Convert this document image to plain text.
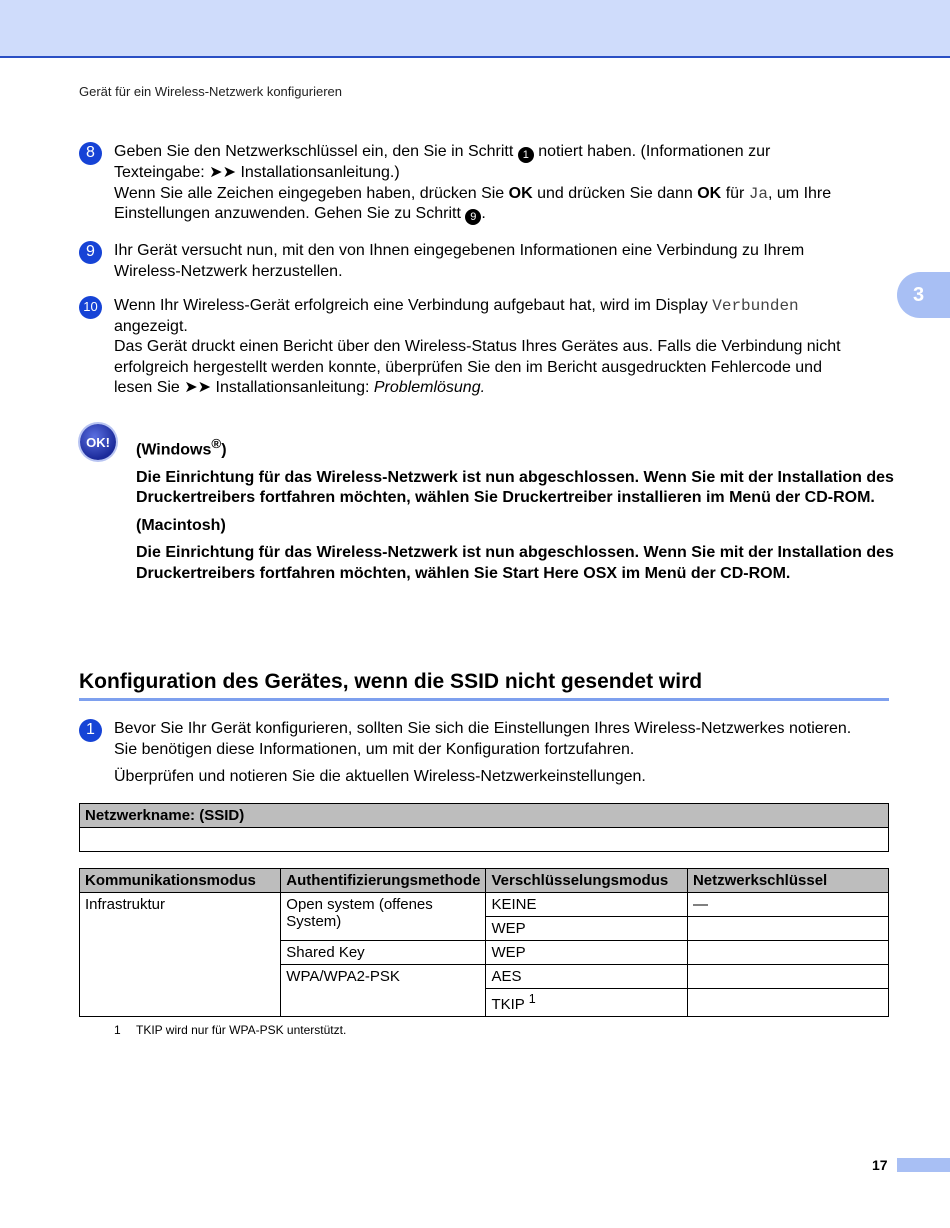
Gerät für ein Wireless-Netzwerk konfigurieren
3
8	Geben Sie den Netzwerkschlüssel ein, den Sie in Schritt 1 notiert haben. (Informationen zur

Texteingabe: ➤➤ Installationsanleitung.)

Wenn Sie alle Zeichen eingegeben haben, drücken Sie OK und drücken Sie dann OK für Ja, um Ihre

Einstellungen anzuwenden. Gehen Sie zu Schritt 9 .

9	Ihr Gerät versucht nun, mit den von Ihnen eingegebenen Informationen eine Verbindung zu Ihrem

Wireless-Netzwerk herzustellen.

10 Wenn Ihr Wireless-Gerät erfolgreich eine Verbindung aufgebaut hat, wird im Display Verbunden

angezeigt.

Das Gerät druckt einen Bericht über den Wireless-Status Ihres Gerätes aus. Falls die Verbindung nicht

erfolgreich hergestellt werden konnte, überprüfen Sie den im Bericht ausgedruckten Fehlercode und

lesen Sie ➤➤ Installationsanleitung: Problemlösung.

OK!	(Windows®)

Die Einrichtung für das Wireless-Netzwerk ist nun abgeschlossen. Wenn Sie mit der Installation des Druckertreibers fortfahren möchten, wählen Sie Druckertreiber installieren im Menü der CD-ROM.

(Macintosh)

Die Einrichtung für das Wireless-Netzwerk ist nun abgeschlossen. Wenn Sie mit der Installation des Druckertreibers fortfahren möchten, wählen Sie Start Here OSX im Menü der CD-ROM.

Konfiguration des Gerätes, wenn die SSID nicht gesendet wird
1	Bevor Sie Ihr Gerät konfigurieren, sollten Sie sich die Einstellungen Ihres Wireless-Netzwerkes notieren.

Sie benötigen diese Informationen, um mit der Konfiguration fortzufahren.

Überprüfen und notieren Sie die aktuellen Wireless-Netzwerkeinstellungen.

Netzwerkname: (SSID)

Kommunikationsmodus	Authentifizierungsmethode	Verschlüsselungsmodus	Netzwerkschlüssel
Infrastruktur	Open system (offenes System)	KEINE	—
		WEP	
	Shared Key	WEP	
	WPA/WPA2-PSK	AES	
		TKIP $^1$	
1 TKIP wird nur für WPA-PSK unterstützt.
17
